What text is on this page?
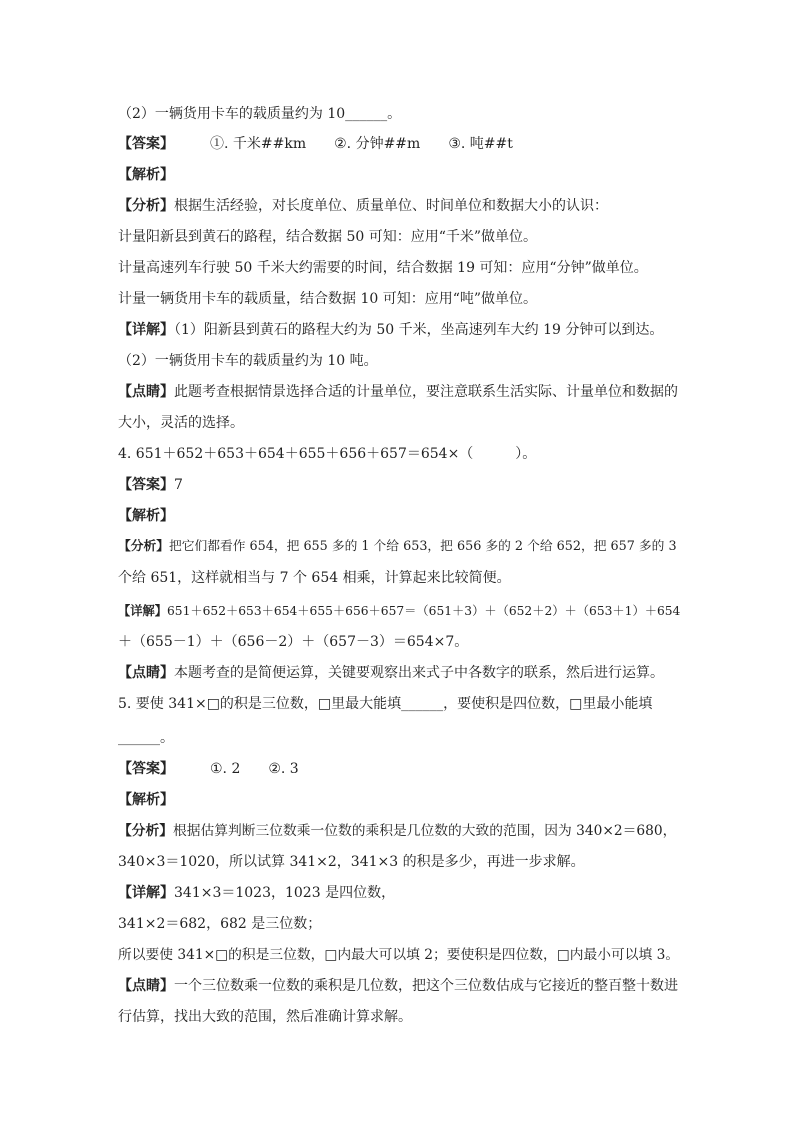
（2）一辆货用卡车的载质量约为 10______。
【答案】	①. 千米##km ②. 分钟##m ③. 吨##t
【解析】
【分析】根据生活经验，对长度单位、质量单位、时间单位和数据大小的认识：
计量阳新县到黄石的路程，结合数据 50 可知：应用“千米”做单位。
计量高速列车行驶 50 千米大约需要的时间，结合数据 19 可知：应用“分钟”做单位。
计量一辆货用卡车的载质量，结合数据 10 可知：应用“吨”做单位。
【详解】（1）阳新县到黄石的路程大约为 50 千米，坐高速列车大约 19 分钟可以到达。
（2）一辆货用卡车的载质量约为 10 吨。
【点睛】此题考查根据情景选择合适的计量单位，要注意联系生活实际、计量单位和数据的
大小，灵活的选择。
4. 651＋652＋653＋654＋655＋656＋657＝654×（　　　）。
【答案】7
【解析】
【分析】把它们都看作 654，把 655 多的 1 个给 653，把 656 多的 2 个给 652，把 657 多的 3
个给 651，这样就相当与 7 个 654 相乘，计算起来比较简便。
【详解】651＋652＋653＋654＋655＋656＋657＝（651＋3）＋（652＋2）＋（653＋1）＋654
＋（655－1）＋（656－2）＋（657－3）＝654×7。
【点睛】本题考查的是简便运算，关键要观察出来式子中各数字的联系，然后进行运算。
5. 要使 341×□的积是三位数，□里最大能填______，要使积是四位数，□里最小能填
______。
【答案】	①. 2 ②. 3
【解析】
【分析】根据估算判断三位数乘一位数的乘积是几位数的大致的范围，因为 340×2＝680，
340×3＝1020，所以试算 341×2，341×3 的积是多少，再进一步求解。
【详解】341×3＝1023，1023 是四位数，
341×2＝682，682 是三位数；
所以要使 341×□的积是三位数，□内最大可以填 2；要使积是四位数，□内最小可以填 3。
【点睛】一个三位数乘一位数的乘积是几位数，把这个三位数估成与它接近的整百整十数进
行估算，找出大致的范围，然后准确计算求解。
